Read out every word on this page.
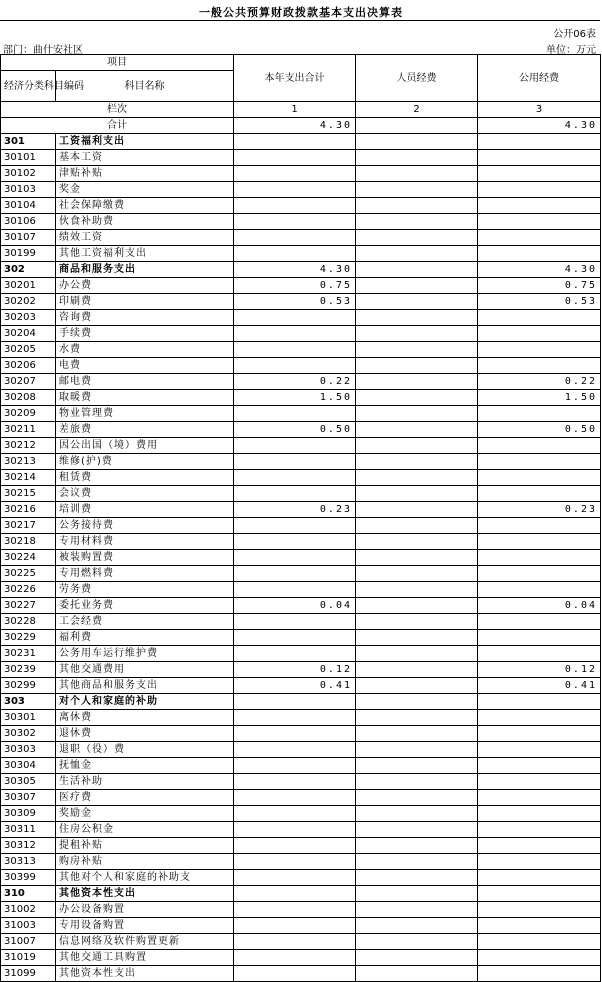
一般公共预算财政拨款基本支出决算表
公开06表
部门：曲什安社区	单位：万元
项目		本年支出合计	人员经费	公用经费
经济分类科目编码	科目名称			

栏次		1	2	3
合计		4.30		4.30
301	工资福利支出			
30101	基本工资			
30102	津贴补贴			
30103	奖金			
30104	社会保障缴费			
30106	伙食补助费			
30107	绩效工资			
30199	其他工资福利支出			
302	商品和服务支出	4.30		4.30
30201	办公费	0.75		0.75
30202	印刷费	0.53		0.53
30203	咨询费			
30204	手续费			
30205	水费			
30206	电费			
30207	邮电费	0.22		0.22
30208	取暖费	1.50		1.50
30209	物业管理费			
30211	差旅费	0.50		0.50
30212	因公出国（境）费用			
30213	维修(护)费			
30214	租赁费			
30215	会议费			
30216	培训费	0.23		0.23
30217	公务接待费			
30218	专用材料费			
30224	被装购置费			
30225	专用燃料费			
30226	劳务费			
30227	委托业务费	0.04		0.04
30228	工会经费			
30229	福利费			
30231	公务用车运行维护费			
30239	其他交通费用	0.12		0.12
30299	其他商品和服务支出	0.41		0.41
303	对个人和家庭的补助			
30301	离休费			
30302	退休费			
30303	退职（役）费			
30304	抚恤金			
30305	生活补助			
30307	医疗费			
30309	奖励金			
30311	住房公积金			
30312	提租补贴			
30313	购房补贴			
30399	其他对个人和家庭的补助支			
310	其他资本性支出			
31002	办公设备购置			
31003	专用设备购置			
31007	信息网络及软件购置更新			
31019	其他交通工具购置			
31099	其他资本性支出			
